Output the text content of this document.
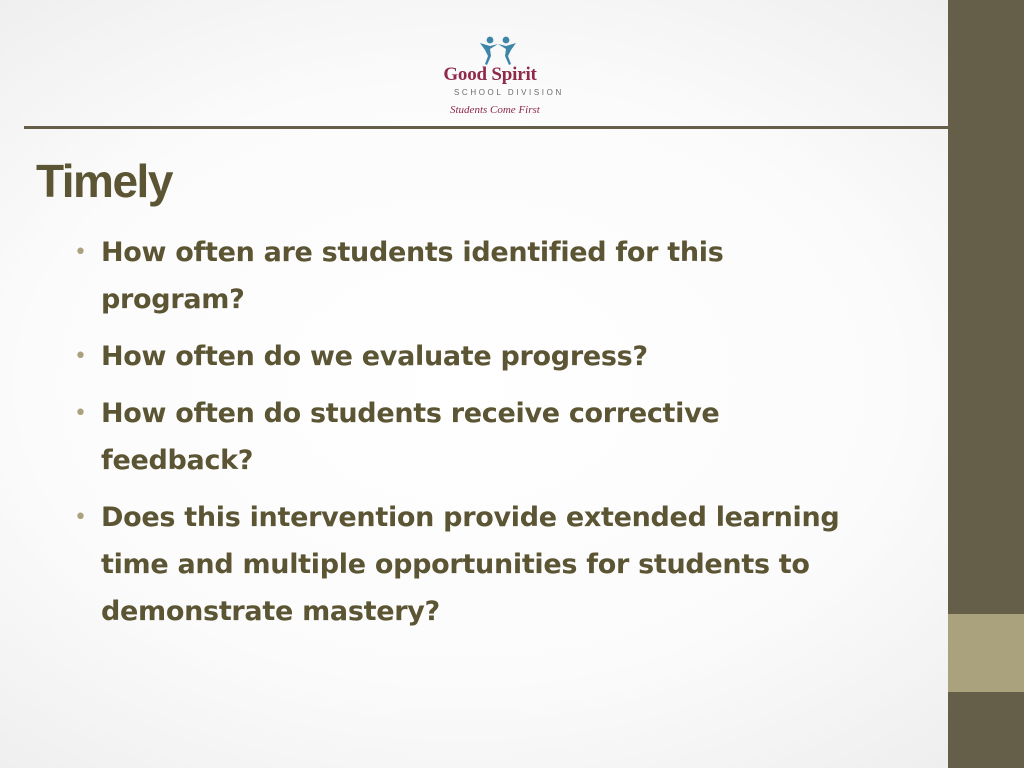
Good Spirit
SCHOOL DIVISION
Students Come First
Timely
• How often are students identified for this program?
• How often do we evaluate progress?
• How often do students receive corrective feedback?
• Does this intervention provide extended learning time and multiple opportunities for students to demonstrate mastery?
